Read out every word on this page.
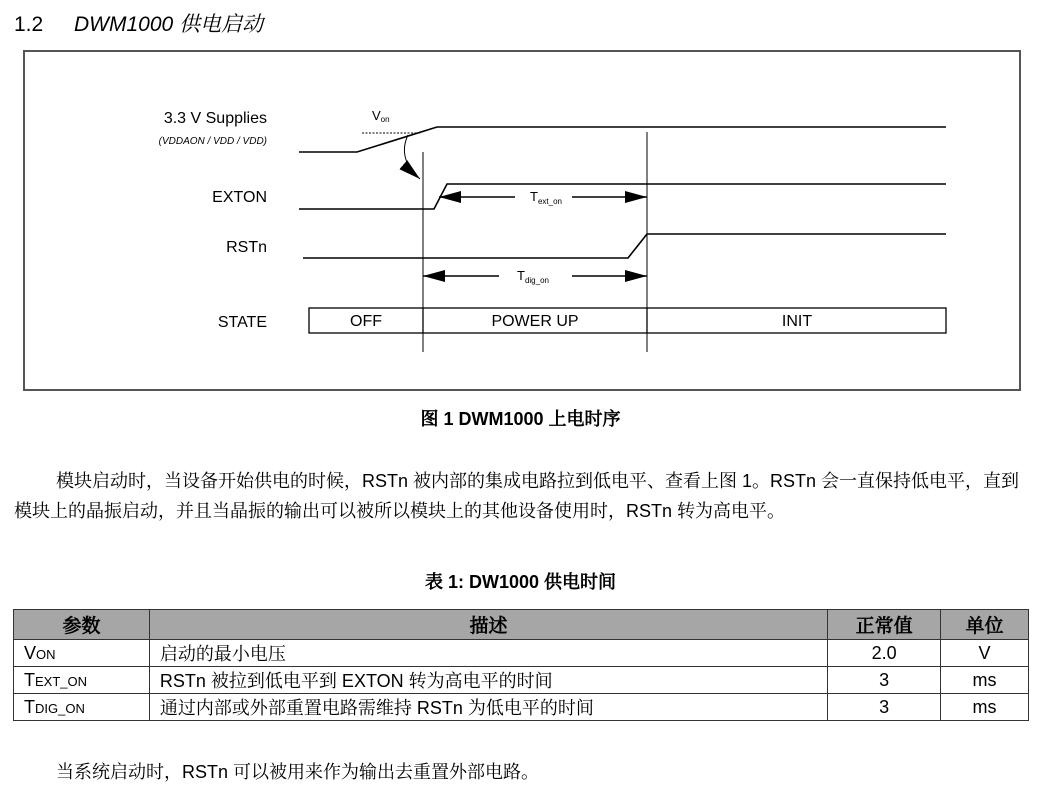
1.2 DWM1000 供电启动
3.3 V Supplies
(VDDAON / VDD / VDD)
EXTON
RSTn
STATE
Von
$T_{ext\_on}$
$T_{dig\_on}$
OFF	POWER UP	INIT
图 1 DWM1000 上电时序
模块启动时，当设备开始供电的时候，RSTn 被内部的集成电路拉到低电平、查看上图 1。RSTn 会一直保持低电平，直到模块上的晶振启动，并且当晶振的输出可以被所以模块上的其他设备使用时，RSTn 转为高电平。
表 1: DW1000 供电时间
参数	描述	正常值	单位
VON	启动的最小电压	2.0	V
TEXT_ON	RSTn 被拉到低电平到 EXTON 转为高电平的时间	3	ms
TDIG_ON	通过内部或外部重置电路需维持 RSTn 为低电平的时间	3	ms
当系统启动时，RSTn 可以被用来作为输出去重置外部电路。
